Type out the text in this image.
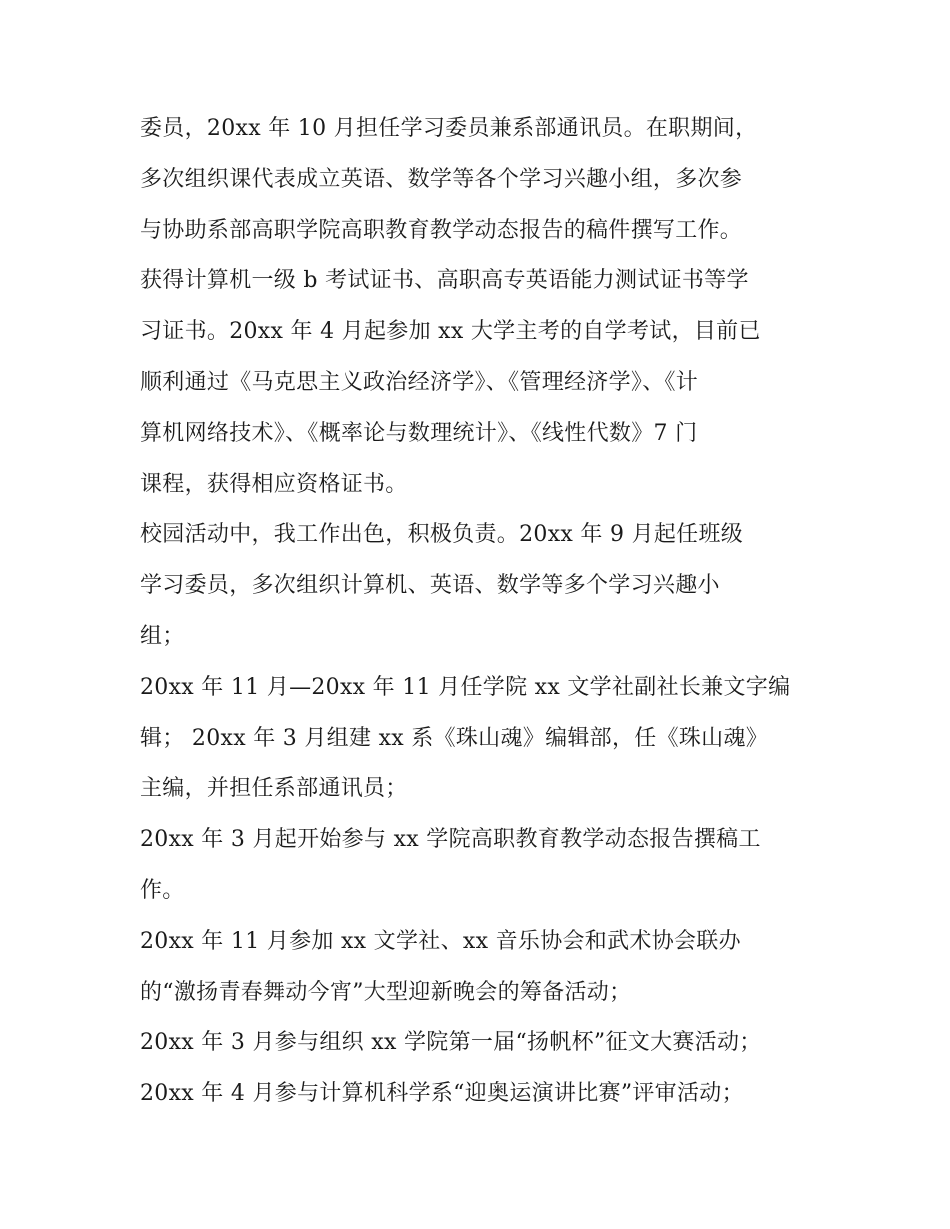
委员，20xx 年 10 月担任学习委员兼系部通讯员。在职期间，
多次组织课代表成立英语、数学等各个学习兴趣小组，多次参
与协助系部高职学院高职教育教学动态报告的稿件撰写工作。
获得计算机一级 b 考试证书、高职高专英语能力测试证书等学
习证书。20xx 年 4 月起参加 xx 大学主考的自学考试，目前已
顺利通过《马克思主义政治经济学》、《管理经济学》、《计
算机网络技术》、《概率论与数理统计》、《线性代数》7 门
课程，获得相应资格证书。
校园活动中，我工作出色，积极负责。20xx 年 9 月起任班级
学习委员，多次组织计算机、英语、数学等多个学习兴趣小
组；
20xx 年 11 月—20xx 年 11 月任学院 xx 文学社副社长兼文字编
辑； 20xx 年 3 月组建 xx 系《珠山魂》编辑部，任《珠山魂》
主编，并担任系部通讯员；
20xx 年 3 月起开始参与 xx 学院高职教育教学动态报告撰稿工
作。
20xx 年 11 月参加 xx 文学社、xx 音乐协会和武术协会联办
的“激扬青春舞动今宵”大型迎新晚会的筹备活动；
20xx 年 3 月参与组织 xx 学院第一届“扬帆杯”征文大赛活动；
20xx 年 4 月参与计算机科学系“迎奥运演讲比赛”评审活动；
